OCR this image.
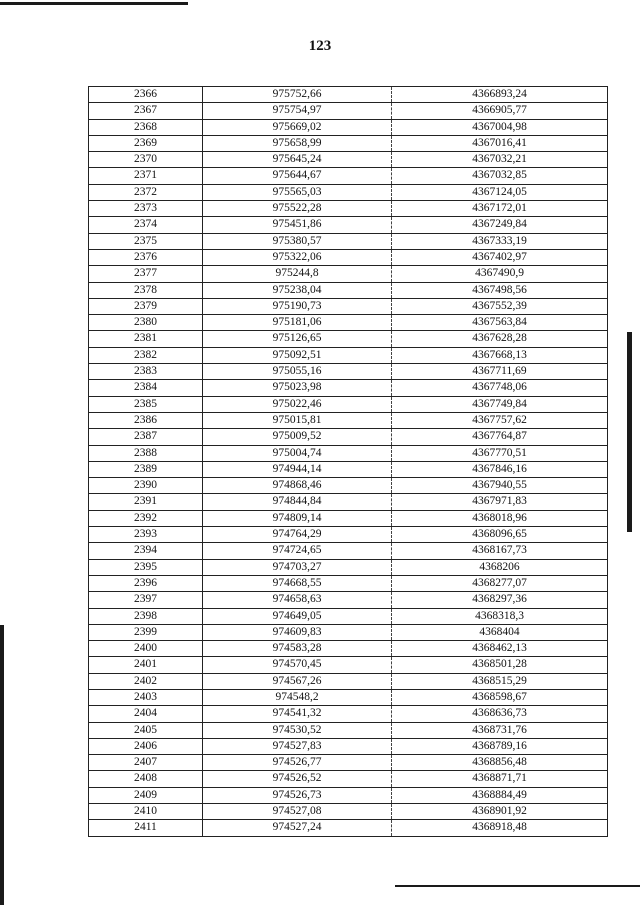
123
2366	975752,66	4366893,24
2367	975754,97	4366905,77
2368	975669,02	4367004,98
2369	975658,99	4367016,41
2370	975645,24	4367032,21
2371	975644,67	4367032,85
2372	975565,03	4367124,05
2373	975522,28	4367172,01
2374	975451,86	4367249,84
2375	975380,57	4367333,19
2376	975322,06	4367402,97
2377	975244,8	4367490,9
2378	975238,04	4367498,56
2379	975190,73	4367552,39
2380	975181,06	4367563,84
2381	975126,65	4367628,28
2382	975092,51	4367668,13
2383	975055,16	4367711,69
2384	975023,98	4367748,06
2385	975022,46	4367749,84
2386	975015,81	4367757,62
2387	975009,52	4367764,87
2388	975004,74	4367770,51
2389	974944,14	4367846,16
2390	974868,46	4367940,55
2391	974844,84	4367971,83
2392	974809,14	4368018,96
2393	974764,29	4368096,65
2394	974724,65	4368167,73
2395	974703,27	4368206
2396	974668,55	4368277,07
2397	974658,63	4368297,36
2398	974649,05	4368318,3
2399	974609,83	4368404
2400	974583,28	4368462,13
2401	974570,45	4368501,28
2402	974567,26	4368515,29
2403	974548,2	4368598,67
2404	974541,32	4368636,73
2405	974530,52	4368731,76
2406	974527,83	4368789,16
2407	974526,77	4368856,48
2408	974526,52	4368871,71
2409	974526,73	4368884,49
2410	974527,08	4368901,92
2411	974527,24	4368918,48
